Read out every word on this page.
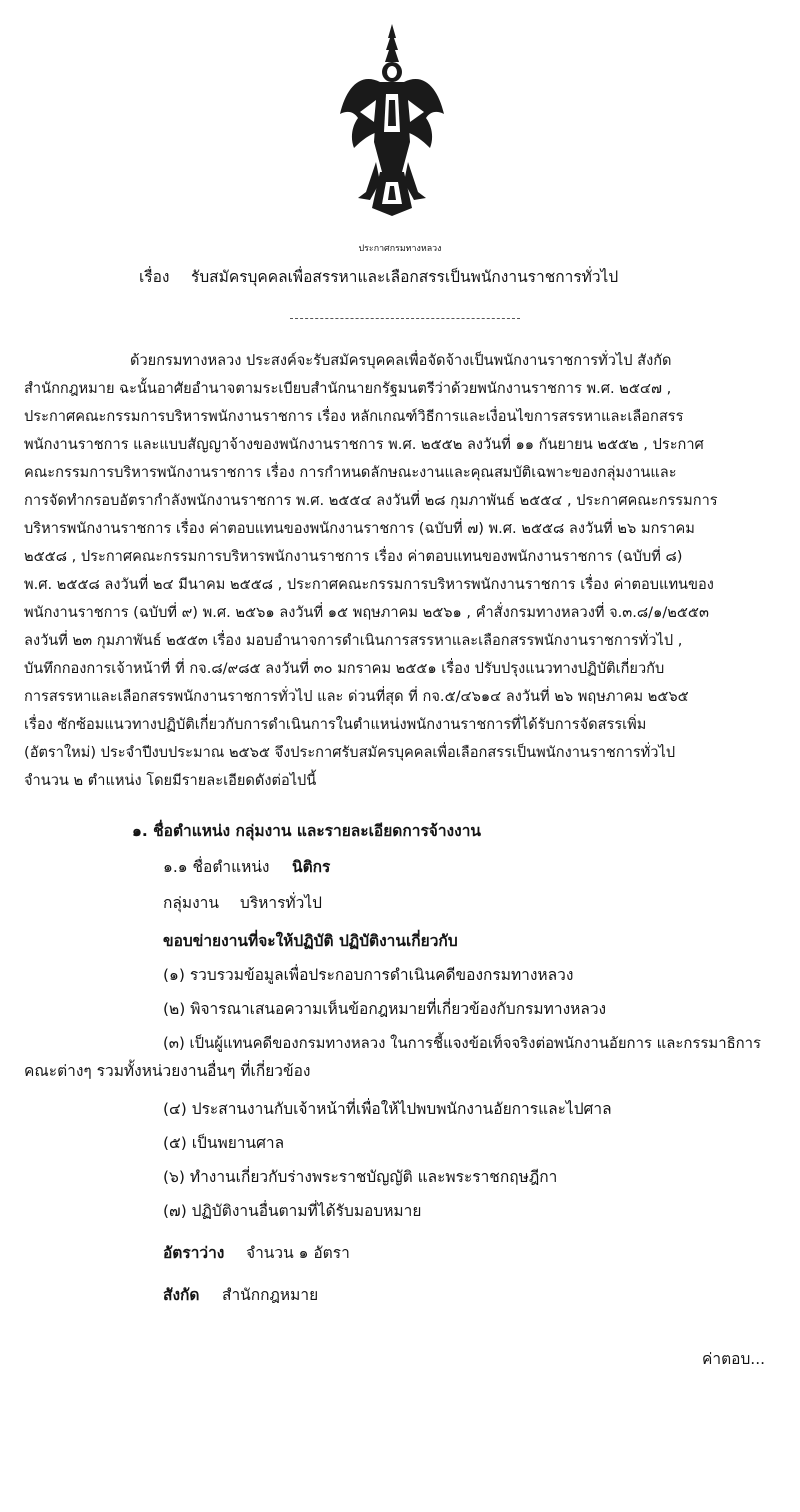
ประกาศกรมทางหลวง
เรื่อง รับสมัครบุคคลเพื่อสรรหาและเลือกสรรเป็นพนักงานราชการทั่วไป
ด้วยกรมทางหลวง ประสงค์จะรับสมัครบุคคลเพื่อจัดจ้างเป็นพนักงานราชการทั่วไป สังกัด
สำนักกฎหมาย ฉะนั้นอาศัยอำนาจตามระเบียบสำนักนายกรัฐมนตรีว่าด้วยพนักงานราชการ พ.ศ. ๒๕๔๗ ,
ประกาศคณะกรรมการบริหารพนักงานราชการ เรื่อง หลักเกณฑ์วิธีการและเงื่อนไขการสรรหาและเลือกสรร
พนักงานราชการ และแบบสัญญาจ้างของพนักงานราชการ พ.ศ. ๒๕๕๒ ลงวันที่ ๑๑ กันยายน ๒๕๕๒ , ประกาศ
คณะกรรมการบริหารพนักงานราชการ เรื่อง การกำหนดลักษณะงานและคุณสมบัติเฉพาะของกลุ่มงานและ
การจัดทำกรอบอัตรากำลังพนักงานราชการ พ.ศ. ๒๕๕๔ ลงวันที่ ๒๘ กุมภาพันธ์ ๒๕๕๔ , ประกาศคณะกรรมการ
บริหารพนักงานราชการ เรื่อง ค่าตอบแทนของพนักงานราชการ (ฉบับที่ ๗) พ.ศ. ๒๕๕๘ ลงวันที่ ๒๖ มกราคม
๒๕๕๘ , ประกาศคณะกรรมการบริหารพนักงานราชการ เรื่อง ค่าตอบแทนของพนักงานราชการ (ฉบับที่ ๘)
พ.ศ. ๒๕๕๘ ลงวันที่ ๒๔ มีนาคม ๒๕๕๘ , ประกาศคณะกรรมการบริหารพนักงานราชการ เรื่อง ค่าตอบแทนของ
พนักงานราชการ (ฉบับที่ ๙) พ.ศ. ๒๕๖๑ ลงวันที่ ๑๕ พฤษภาคม ๒๕๖๑ , คำสั่งกรมทางหลวงที่ จ.๓.๘/๑/๒๕๕๓
ลงวันที่ ๒๓ กุมภาพันธ์ ๒๕๕๓ เรื่อง มอบอำนาจการดำเนินการสรรหาและเลือกสรรพนักงานราชการทั่วไป ,
บันทึกกองการเจ้าหน้าที่ ที่ กจ.๘/๙๘๕ ลงวันที่ ๓๐ มกราคม ๒๕๕๑ เรื่อง ปรับปรุงแนวทางปฏิบัติเกี่ยวกับ
การสรรหาและเลือกสรรพนักงานราชการทั่วไป และ ด่วนที่สุด ที่ กจ.๕/๔๖๑๔ ลงวันที่ ๒๖ พฤษภาคม ๒๕๖๕
เรื่อง ซักซ้อมแนวทางปฏิบัติเกี่ยวกับการดำเนินการในตำแหน่งพนักงานราชการที่ได้รับการจัดสรรเพิ่ม
(อัตราใหม่) ประจำปีงบประมาณ ๒๕๖๕ จึงประกาศรับสมัครบุคคลเพื่อเลือกสรรเป็นพนักงานราชการทั่วไป
จำนวน ๒ ตำแหน่ง โดยมีรายละเอียดดังต่อไปนี้
๑. ชื่อตำแหน่ง กลุ่มงาน และรายละเอียดการจ้างงาน
๑.๑ ชื่อตำแหน่ง นิติกร
กลุ่มงาน บริหารทั่วไป
ขอบข่ายงานที่จะให้ปฏิบัติ ปฏิบัติงานเกี่ยวกับ
(๑) รวบรวมข้อมูลเพื่อประกอบการดำเนินคดีของกรมทางหลวง
(๒) พิจารณาเสนอความเห็นข้อกฎหมายที่เกี่ยวข้องกับกรมทางหลวง
(๓) เป็นผู้แทนคดีของกรมทางหลวง ในการชี้แจงข้อเท็จจริงต่อพนักงานอัยการ และกรรมาธิการ
คณะต่างๆ รวมทั้งหน่วยงานอื่นๆ ที่เกี่ยวข้อง
(๔) ประสานงานกับเจ้าหน้าที่เพื่อให้ไปพบพนักงานอัยการและไปศาล
(๕) เป็นพยานศาล
(๖) ทำงานเกี่ยวกับร่างพระราชบัญญัติ และพระราชกฤษฎีกา
(๗) ปฏิบัติงานอื่นตามที่ได้รับมอบหมาย
อัตราว่าง จำนวน ๑ อัตรา
สังกัด สำนักกฎหมาย
ค่าตอบ...
